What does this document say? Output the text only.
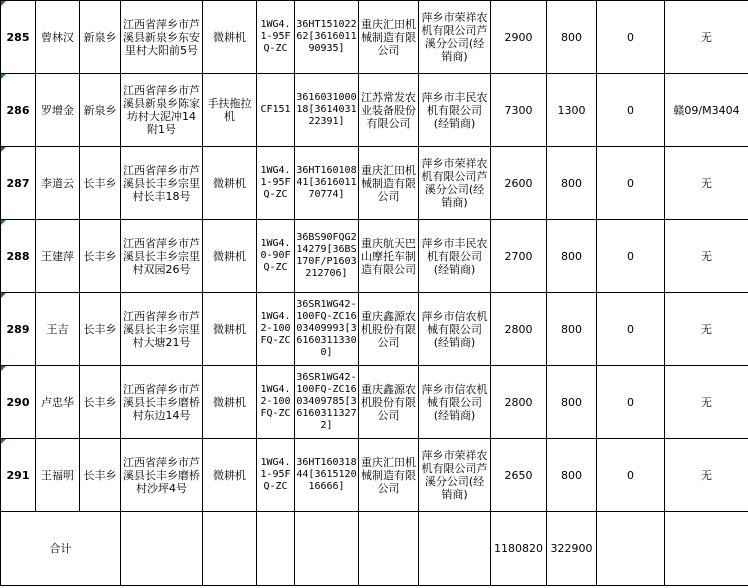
285	曾林汉	新泉乡	江西省萍乡市芦溪县新泉乡东安里村大阳前5号	微耕机	1WG4.1-95FQ-ZC	36HT15102262[361601190935]	重庆汇田机械制造有限公司	萍乡市荣祥农机有限公司芦溪分公司(经销商)	2900	800	0	无

286	罗增金	新泉乡	江西省萍乡市芦溪县新泉乡陈家坊村大泥冲14附1号	手扶拖拉机	CF151	361603100018[361403122391]	江苏常发农业装备股份有限公司	萍乡市丰民农机有限公司(经销商)	7300	1300	0	赣09/M3404

287	李道云	长丰乡	江西省萍乡市芦溪县长丰乡宗里村长丰18号	微耕机	1WG4.1-95FQ-ZC	36HT16010841[361601170774]	重庆汇田机械制造有限公司	萍乡市荣祥农机有限公司芦溪分公司(经销商)	2600	800	0	无

288	王建萍	长丰乡	江西省萍乡市芦溪县长丰乡宗里村双园26号	微耕机	1WG4.0-90FQ-ZC	36BS90FQG214279[36BS170F/P1603212706]	重庆航天巴山摩托车制造有限公司	萍乡市丰民农机有限公司(经销商)	2700	800	0	无

289	王吉	长丰乡	江西省萍乡市芦溪县长丰乡宗里村大塘21号	微耕机	1WG4.2-100FQ-ZC	36SR1WG42-100FQ-ZC1603409993[361603113300]	重庆鑫源农机股份有限公司	萍乡市信农机械有限公司(经销商)	2800	800	0	无

290	卢忠华	长丰乡	江西省萍乡市芦溪县长丰乡磨桥村东边14号	微耕机	1WG4.2-100FQ-ZC	36SR1WG42-100FQ-ZC1603409785[361603113272]	重庆鑫源农机股份有限公司	萍乡市信农机械有限公司(经销商)	2800	800	0	无

291	王福明	长丰乡	江西省萍乡市芦溪县长丰乡磨桥村沙坪4号	微耕机	1WG4.1-95FQ-ZC	36HT16031844[361512016666]	重庆汇田机械制造有限公司	萍乡市荣祥农机有限公司芦溪分公司(经销商)	2650	800	0	无
合计									1180820	322900		
